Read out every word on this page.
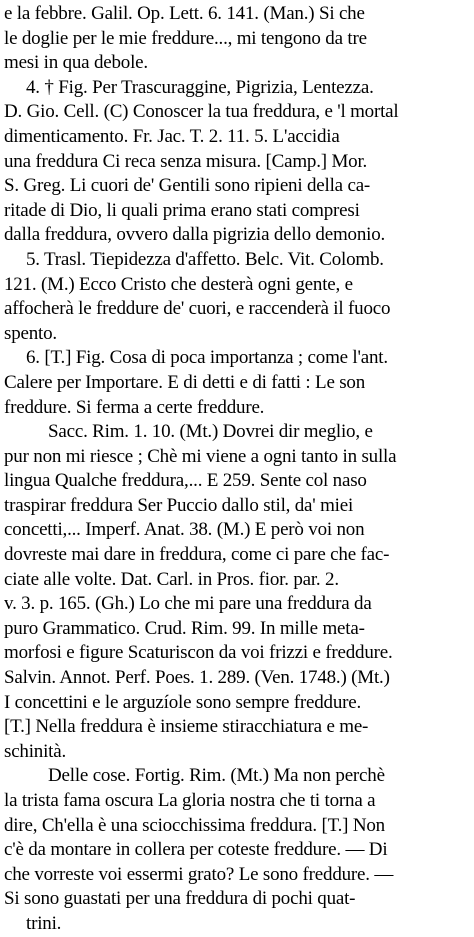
e la febbre. Galil. Op. Lett. 6. 141. (Man.) Si che
le doglie per le mie freddure..., mi tengono da tre
mesi in qua debole.
4. † Fig. Per Trascuraggine, Pigrizia, Lentezza.
D. Gio. Cell. (C) Conoscer la tua freddura, e 'l mortal
dimenticamento. Fr. Jac. T. 2. 11. 5. L'accidia
una freddura Ci reca senza misura. [Camp.] Mor.
S. Greg. Li cuori de' Gentili sono ripieni della ca-
ritade di Dio, li quali prima erano stati compresi
dalla freddura, ovvero dalla pigrizia dello demonio.
5. Trasl. Tiepidezza d'affetto. Belc. Vit. Colomb.
121. (M.) Ecco Cristo che desterà ogni gente, e
affocherà le freddure de' cuori, e raccenderà il fuoco
spento.
6. [T.] Fig. Cosa di poca importanza ; come l'ant.
Calere per Importare. E di detti e di fatti : Le son
freddure. Si ferma a certe freddure.
Sacc. Rim. 1. 10. (Mt.) Dovrei dir meglio, e
pur non mi riesce ; Chè mi viene a ogni tanto in sulla
lingua Qualche freddura,... E 259. Sente col naso
traspirar freddura Ser Puccio dallo stil, da' miei
concetti,... Imperf. Anat. 38. (M.) E però voi non
dovreste mai dare in freddura, come ci pare che fac-
ciate alle volte. Dat. Carl. in Pros. fior. par. 2.
v. 3. p. 165. (Gh.) Lo che mi pare una freddura da
puro Grammatico. Crud. Rim. 99. In mille meta-
morfosi e figure Scaturiscon da voi frizzi e freddure.
Salvin. Annot. Perf. Poes. 1. 289. (Ven. 1748.) (Mt.)
I concettini e le arguzíole sono sempre freddure.
[T.] Nella freddura è insieme stiracchiatura e me-
schinità.
Delle cose. Fortig. Rim. (Mt.) Ma non perchè
la trista fama oscura La gloria nostra che ti torna a
dire, Ch'ella è una sciocchissima freddura. [T.] Non
c'è da montare in collera per coteste freddure. — Di
che vorreste voi essermi grato? Le sono freddure. —
Si sono guastati per una freddura di pochi quat-
trini.
